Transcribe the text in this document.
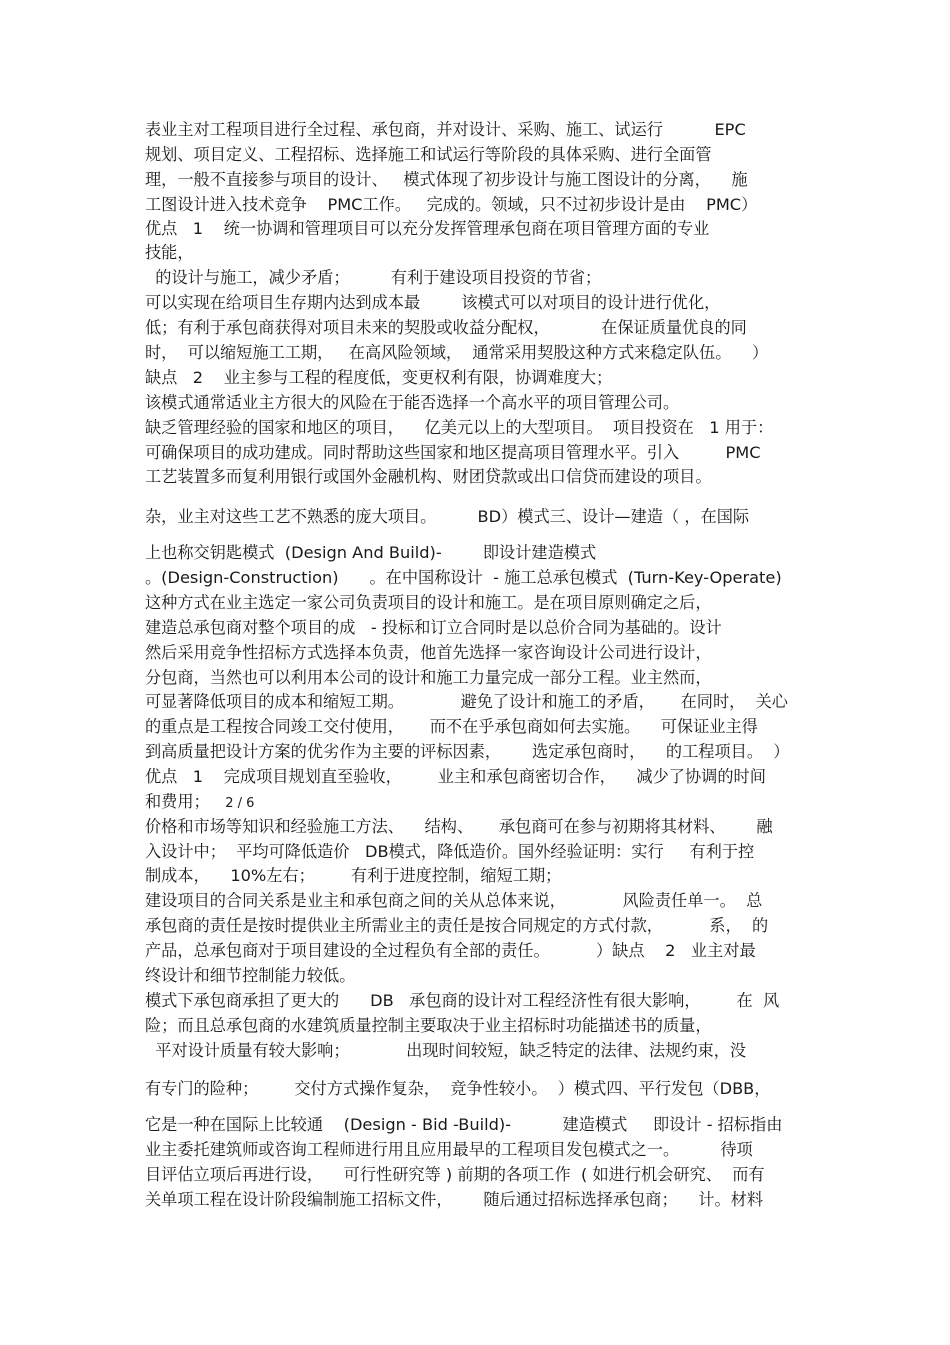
表业主对工程项目进行全过程、承包商，并对设计、采购、施工、试运行          EPC
规划、项目定义、工程招标、选择施工和试运行等阶段的具体采购、进行全面管
理，一般不直接参与项目的设计、   模式体现了初步设计与施工图设计的分离，    施
工图设计进入技术竞争    PMC工作。   完成的。领域，只不过初步设计是由    PMC）
优点   1    统一协调和管理项目可以充分发挥管理承包商在项目管理方面的专业
技能，
的设计与施工，减少矛盾；        有利于建设项目投资的节省；
可以实现在给项目生存期内达到成本最        该模式可以对项目的设计进行优化，
低；有利于承包商获得对项目未来的契股或收益分配权，          在保证质量优良的同
时，  可以缩短施工工期，   在高风险领域，  通常采用契股这种方式来稳定队伍。    ）
缺点   2    业主参与工程的程度低，变更权利有限，协调难度大；
该模式通常适业主方很大的风险在于能否选择一个高水平的项目管理公司。
缺乏管理经验的国家和地区的项目，    亿美元以上的大型项目。  项目投资在   1 用于：
可确保项目的成功建成。同时帮助这些国家和地区提高项目管理水平。引入         PMC
工艺装置多而复利用银行或国外金融机构、财团贷款或出口信贷而建设的项目。
杂，业主对这些工艺不熟悉的庞大项目。        BD）模式三、设计—建造（ ，在国际
上也称交钥匙模式  (Design And Build)-        即设计建造模式
。(Design-Construction)      。在中国称设计  - 施工总承包模式  (Turn-Key-Operate)
这种方式在业主选定一家公司负责项目的设计和施工。是在项目原则确定之后，
建造总承包商对整个项目的成   - 投标和订立合同时是以总价合同为基础的。设计
然后采用竞争性招标方式选择本负责，他首先选择一家咨询设计公司进行设计，
分包商，当然也可以利用本公司的设计和施工力量完成一部分工程。业主然而，
可显著降低项目的成本和缩短工期。           避免了设计和施工的矛盾，     在同时，  关心
的重点是工程按合同竣工交付使用，     而不在乎承包商如何去实施。    可保证业主得
到高质量把设计方案的优劣作为主要的评标因素，      选定承包商时，    的工程项目。  ）
优点   1    完成项目规划直至验收，       业主和承包商密切合作，    减少了协调的时间
和费用；   2 / 6
价格和市场等知识和经验施工方法、    结构、     承包商可在参与初期将其材料、      融
入设计中；  平均可降低造价   DB模式，降低造价。国外经验证明：实行     有利于控
制成本，    10%左右；       有利于进度控制，缩短工期；
建设项目的合同关系是业主和承包商之间的关从总体来说，           风险责任单一。  总
承包商的责任是按时提供业主所需业主的责任是按合同规定的方式付款，         系，  的
产品，总承包商对于项目建设的全过程负有全部的责任。         ）缺点    2   业主对最
终设计和细节控制能力较低。
模式下承包商承担了更大的      DB   承包商的设计对工程经济性有很大影响，       在  风
险；而且总承包商的水建筑质量控制主要取决于业主招标时功能描述书的质量，
平对设计质量有较大影响；           出现时间较短，缺乏特定的法律、法规约束，没
有专门的险种；       交付方式操作复杂，  竞争性较小。  ）模式四、平行发包（DBB，
它是一种在国际上比较通    (Design - Bid -Build)-          建造模式     即设计 - 招标指由
业主委托建筑师或咨询工程师进行用且应用最早的工程项目发包模式之一。        待项
目评估立项后再进行设，    可行性研究等 ) 前期的各项工作  ( 如进行机会研究、  而有
关单项工程在设计阶段编制施工招标文件，      随后通过招标选择承包商；    计。材料
